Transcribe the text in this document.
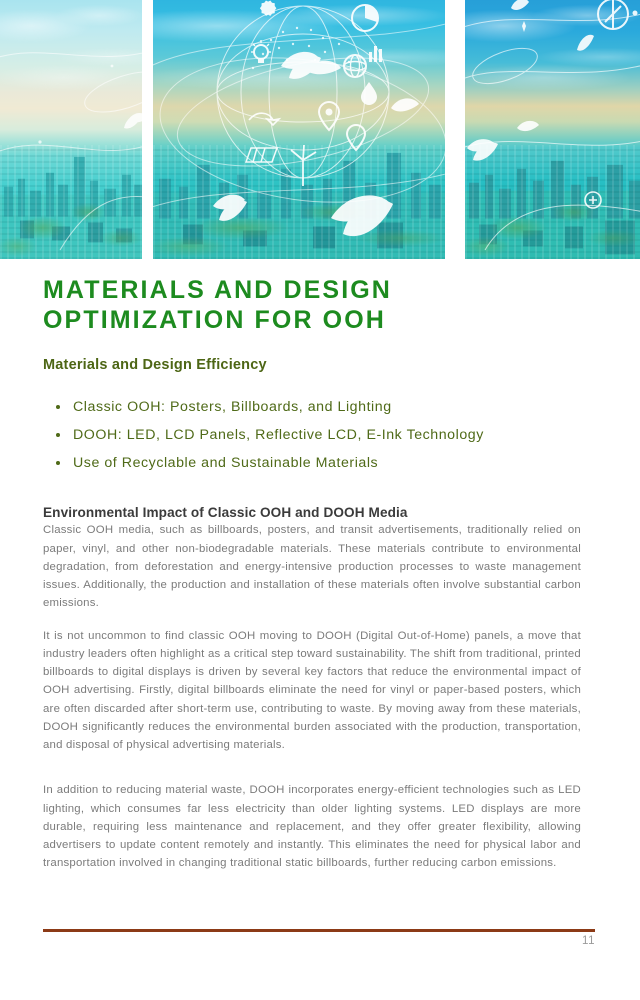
MATERIALS AND DESIGN OPTIMIZATION FOR OOH
Materials and Design Efficiency
Classic OOH: Posters, Billboards, and Lighting
DOOH: LED, LCD Panels, Reflective LCD, E-Ink Technology
Use of Recyclable and Sustainable Materials
Environmental Impact of Classic OOH and DOOH Media

Classic OOH media, such as billboards, posters, and transit advertisements, traditionally relied on paper, vinyl, and other non-biodegradable materials. These materials contribute to environmental degradation, from deforestation and energy-intensive production processes to waste management issues. Additionally, the production and installation of these materials often involve substantial carbon emissions.

It is not uncommon to find classic OOH moving to DOOH (Digital Out-of-Home) panels, a move that industry leaders often highlight as a critical step toward sustainability. The shift from traditional, printed billboards to digital displays is driven by several key factors that reduce the environmental impact of OOH advertising. Firstly, digital billboards eliminate the need for vinyl or paper-based posters, which are often discarded after short-term use, contributing to waste. By moving away from these materials, DOOH significantly reduces the environmental burden associated with the production, transportation, and disposal of physical advertising materials.

In addition to reducing material waste, DOOH incorporates energy-efficient technologies such as LED lighting, which consumes far less electricity than older lighting systems. LED displays are more durable, requiring less maintenance and replacement, and they offer greater flexibility, allowing advertisers to update content remotely and instantly. This eliminates the need for physical labor and transportation involved in changing traditional static billboards, further reducing carbon emissions.

11
